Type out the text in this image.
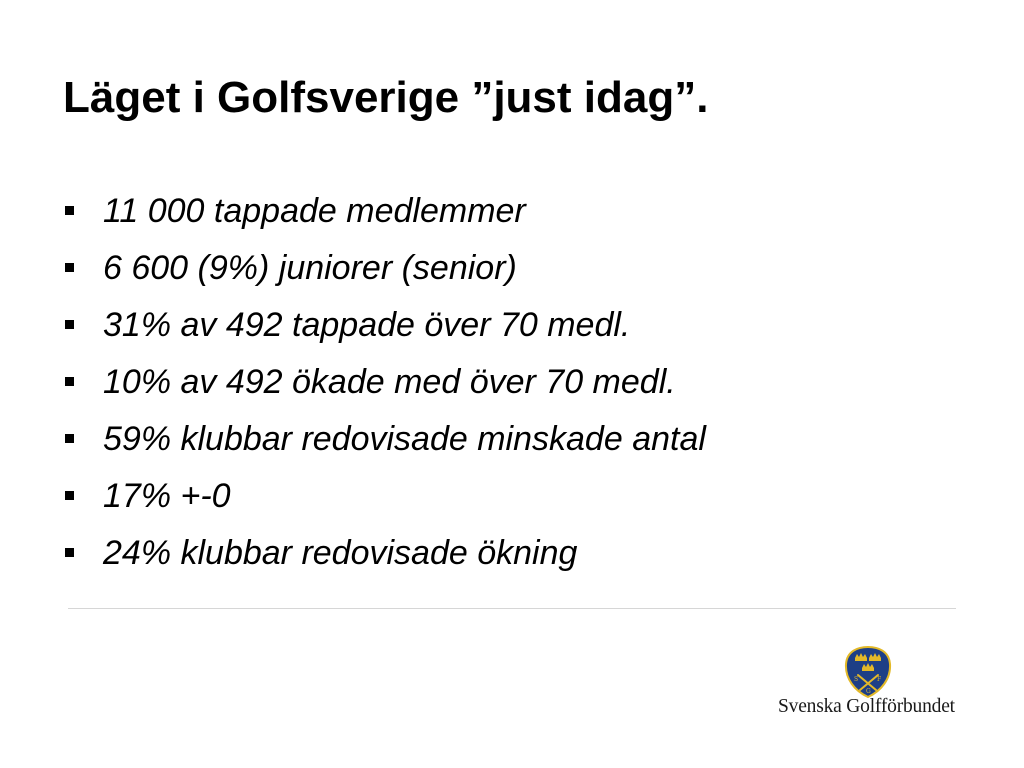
Läget i Golfsverige ”just idag”.
11 000 tappade medlemmer
6 600 (9%) juniorer (senior)
31% av 492 tappade över 70 medl.
10% av 492 ökade med över 70 medl.
59% klubbar redovisade minskade antal
17% +-0
24% klubbar redovisade ökning
S	F
G
Svenska Golfförbundet
